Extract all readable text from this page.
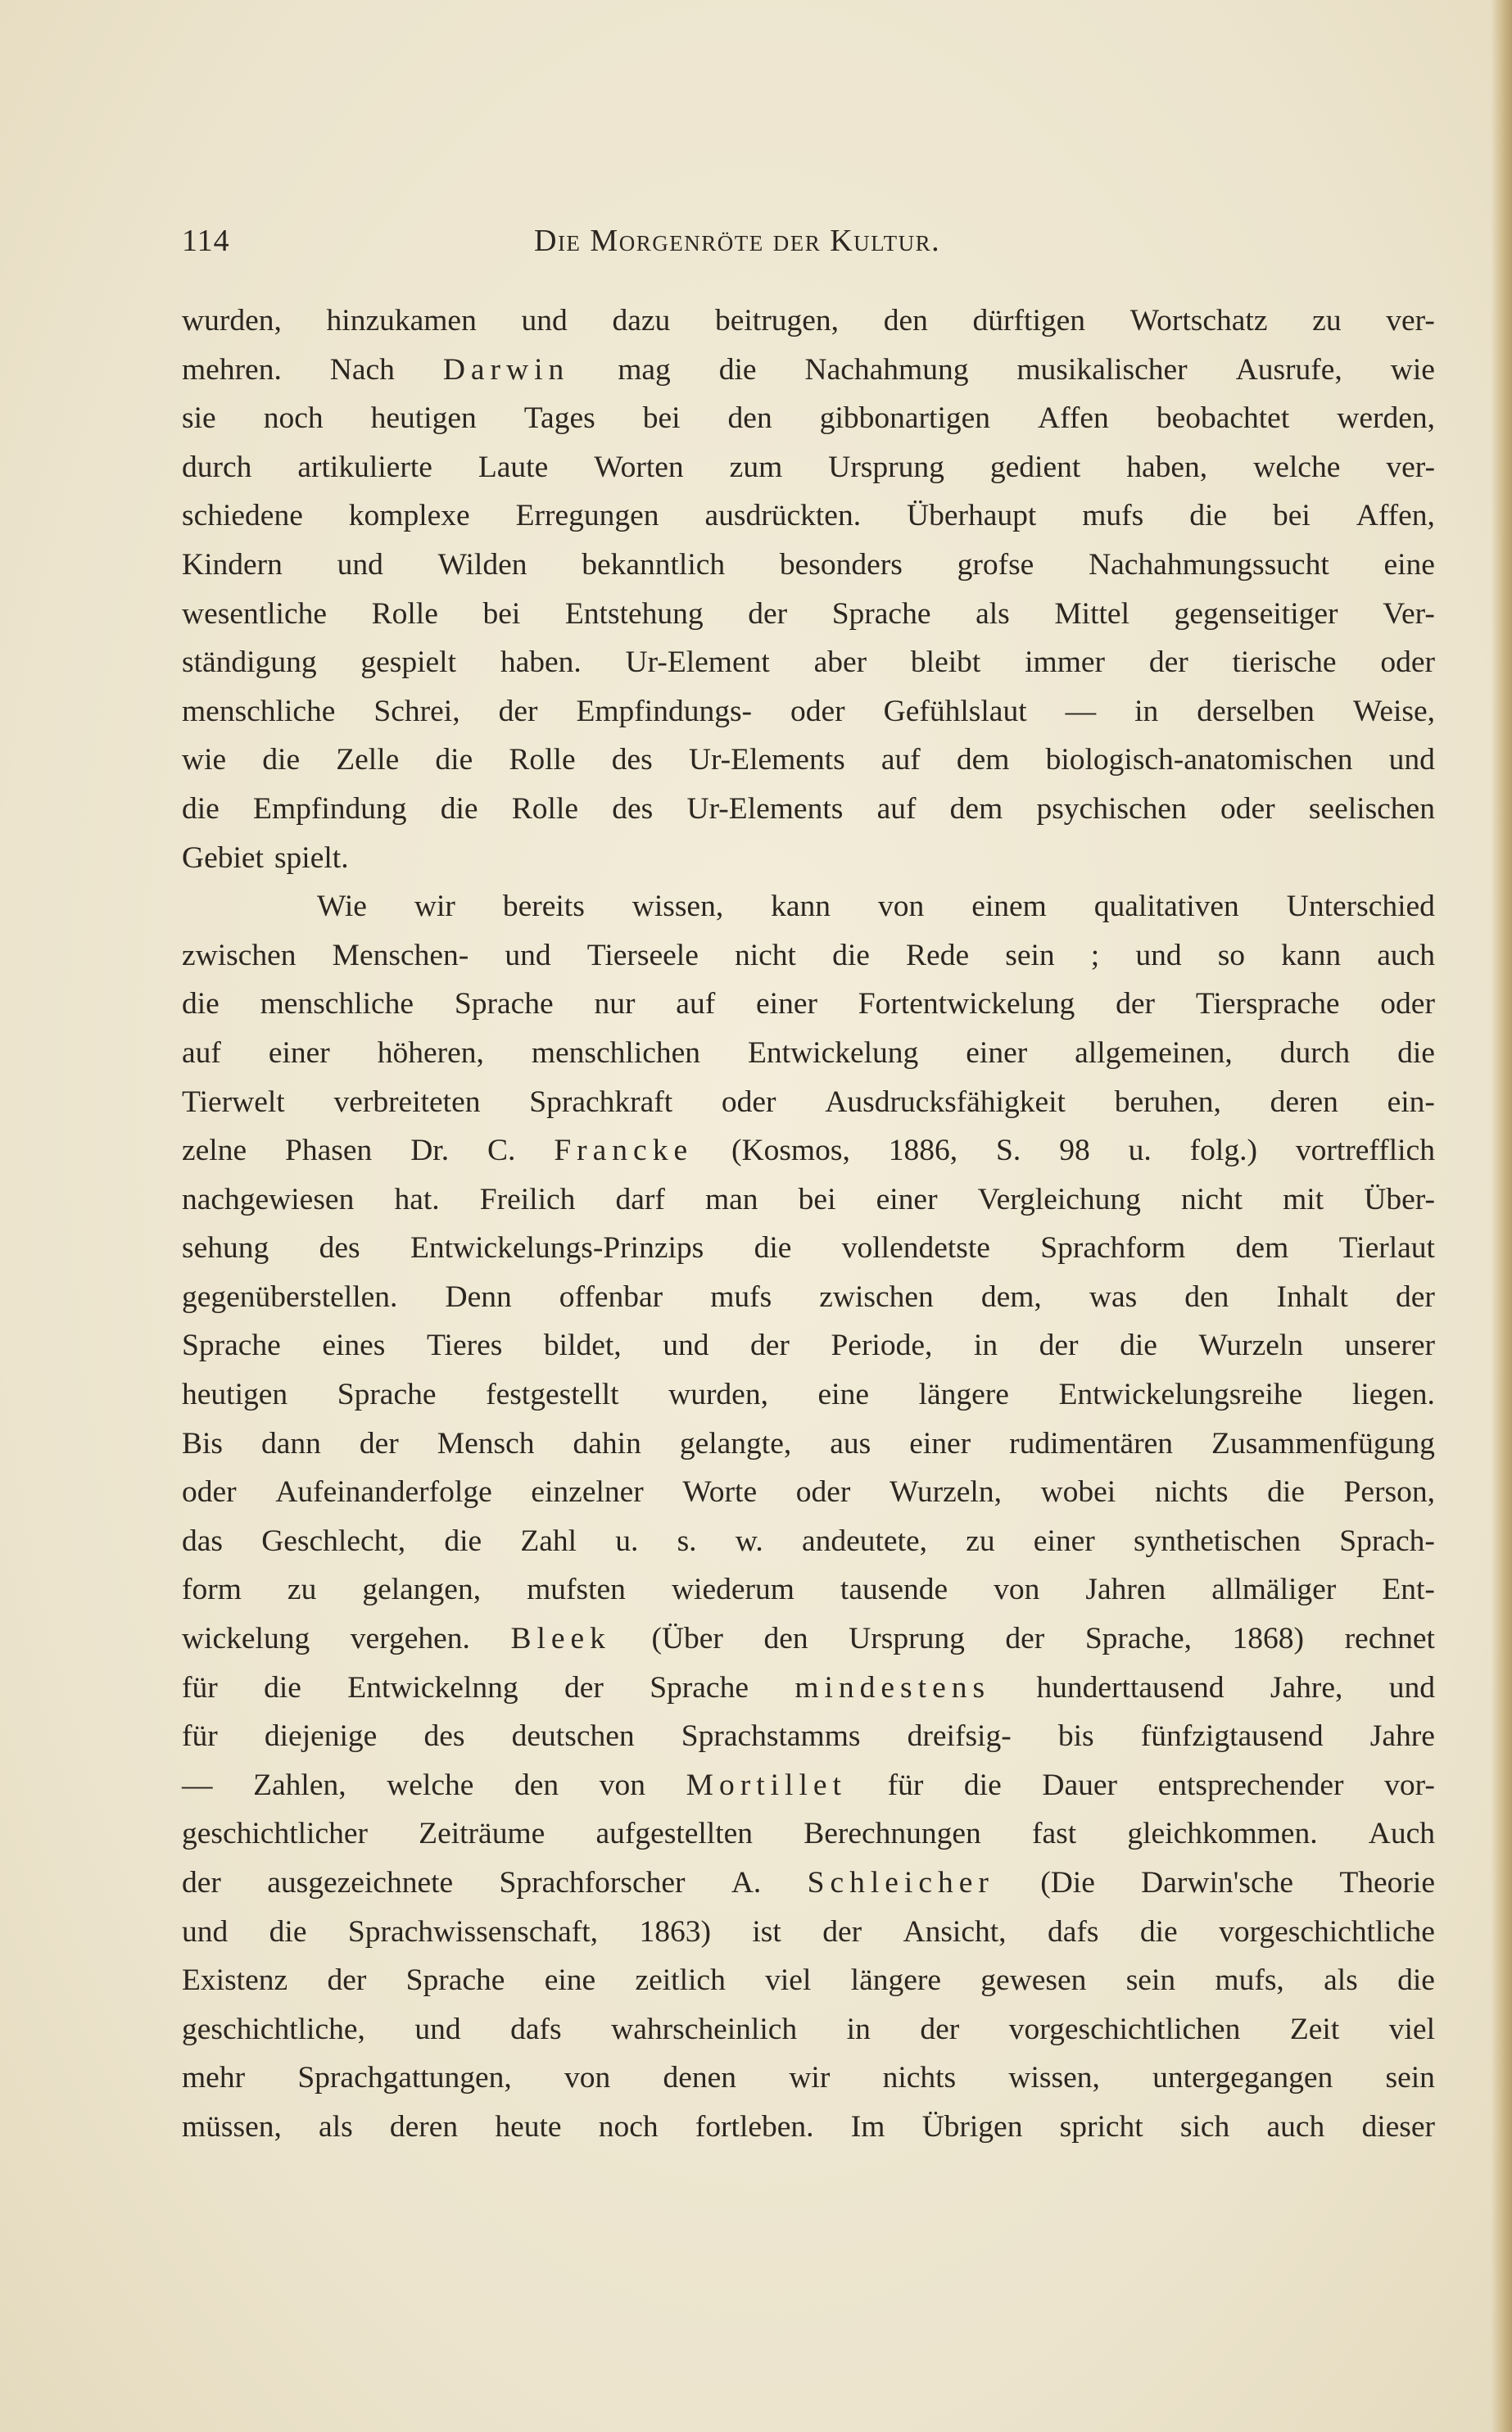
114	Die Morgenröte der Kultur.
wurden, hinzukamen und dazu beitrugen, den dürftigen Wortschatz zu ver-
mehren. Nach Darwin mag die Nachahmung musikalischer Ausrufe, wie
sie noch heutigen Tages bei den gibbonartigen Affen beobachtet werden,
durch artikulierte Laute Worten zum Ursprung gedient haben, welche ver-
schiedene komplexe Erregungen ausdrückten. Überhaupt mufs die bei Affen,
Kindern und Wilden bekanntlich besonders grofse Nachahmungssucht eine
wesentliche Rolle bei Entstehung der Sprache als Mittel gegenseitiger Ver-
ständigung gespielt haben. Ur-Element aber bleibt immer der tierische oder
menschliche Schrei, der Empfindungs- oder Gefühlslaut — in derselben Weise,
wie die Zelle die Rolle des Ur-Elements auf dem biologisch-anatomischen und
die Empfindung die Rolle des Ur-Elements auf dem psychischen oder seelischen
Gebiet spielt.
Wie wir bereits wissen, kann von einem qualitativen Unterschied
zwischen Menschen- und Tierseele nicht die Rede sein ; und so kann auch
die menschliche Sprache nur auf einer Fortentwickelung der Tiersprache oder
auf einer höheren, menschlichen Entwickelung einer allgemeinen, durch die
Tierwelt verbreiteten Sprachkraft oder Ausdrucksfähigkeit beruhen, deren ein-
zelne Phasen Dr. C. Francke (Kosmos, 1886, S. 98 u. folg.) vortrefflich
nachgewiesen hat. Freilich darf man bei einer Vergleichung nicht mit Über-
sehung des Entwickelungs-Prinzips die vollendetste Sprachform dem Tierlaut
gegenüberstellen. Denn offenbar mufs zwischen dem, was den Inhalt der
Sprache eines Tieres bildet, und der Periode, in der die Wurzeln unserer
heutigen Sprache festgestellt wurden, eine längere Entwickelungsreihe liegen.
Bis dann der Mensch dahin gelangte, aus einer rudimentären Zusammenfügung
oder Aufeinanderfolge einzelner Worte oder Wurzeln, wobei nichts die Person,
das Geschlecht, die Zahl u. s. w. andeutete, zu einer synthetischen Sprach-
form zu gelangen, mufsten wiederum tausende von Jahren allmäliger Ent-
wickelung vergehen. Bleek (Über den Ursprung der Sprache, 1868) rechnet
für die Entwickelnng der Sprache mindestens hunderttausend Jahre, und
für diejenige des deutschen Sprachstamms dreifsig- bis fünfzigtausend Jahre
— Zahlen, welche den von Mortillet für die Dauer entsprechender vor-
geschichtlicher Zeiträume aufgestellten Berechnungen fast gleichkommen. Auch
der ausgezeichnete Sprachforscher A. Schleicher (Die Darwin'sche Theorie
und die Sprachwissenschaft, 1863) ist der Ansicht, dafs die vorgeschichtliche
Existenz der Sprache eine zeitlich viel längere gewesen sein mufs, als die
geschichtliche, und dafs wahrscheinlich in der vorgeschichtlichen Zeit viel
mehr Sprachgattungen, von denen wir nichts wissen, untergegangen sein
müssen, als deren heute noch fortleben. Im Übrigen spricht sich auch dieser
